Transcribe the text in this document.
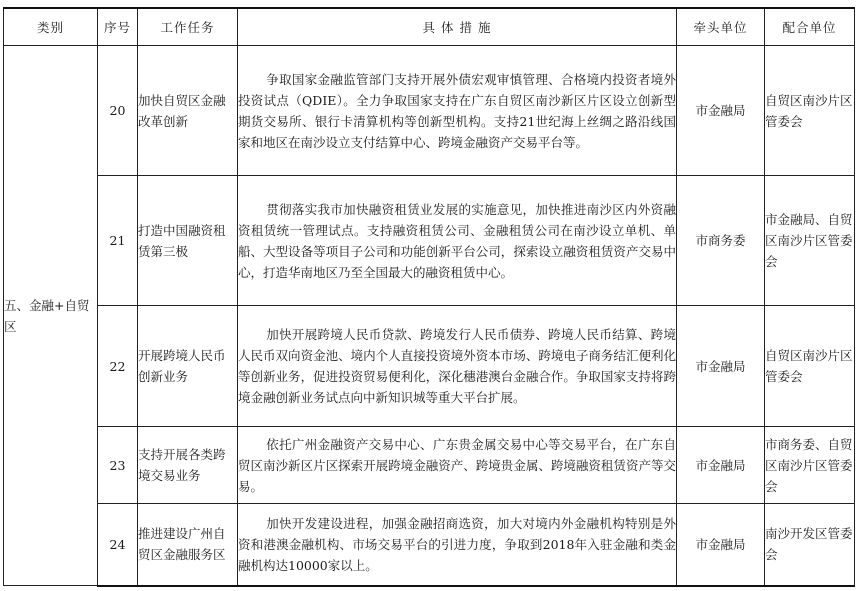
类别	序号	工作任务	具 体 措 施	牵头单位	配合单位
五、金融+自贸区	20	加快自贸区金融改革创新	争取国家金融监管部门支持开展外债宏观审慎管理、合格境内投资者境外投资试点（QDIE）。全力争取国家支持在广东自贸区南沙新区片区设立创新型期货交易所、银行卡清算机构等创新型机构。支持21世纪海上丝绸之路沿线国家和地区在南沙设立支付结算中心、跨境金融资产交易平台等。	市金融局	自贸区南沙片区管委会
	21	打造中国融资租赁第三极	贯彻落实我市加快融资租赁业发展的实施意见，加快推进南沙区内外资融资租赁统一管理试点。支持融资租赁公司、金融租赁公司在南沙设立单机、单船、大型设备等项目子公司和功能创新平台公司，探索设立融资租赁资产交易中心，打造华南地区乃至全国最大的融资租赁中心。	市商务委	市金融局、自贸区南沙片区管委会
	22	开展跨境人民币创新业务	加快开展跨境人民币贷款、跨境发行人民币债券、跨境人民币结算、跨境人民币双向资金池、境内个人直接投资境外资本市场、跨境电子商务结汇便利化等创新业务，促进投资贸易便利化，深化穗港澳台金融合作。争取国家支持将跨境金融创新业务试点向中新知识城等重大平台扩展。	市金融局	自贸区南沙片区管委会
	23	支持开展各类跨境交易业务	依托广州金融资产交易中心、广东贵金属交易中心等交易平台，在广东自贸区南沙新区片区探索开展跨境金融资产、跨境贵金属、跨境融资租赁资产等交易。	市金融局	市商务委、自贸区南沙片区管委会
	24	推进建设广州自贸区金融服务区	加快开发建设进程，加强金融招商选资，加大对境内外金融机构特别是外资和港澳金融机构、市场交易平台的引进力度，争取到2018年入驻金融和类金融机构达10000家以上。	市金融局	南沙开发区管委会
